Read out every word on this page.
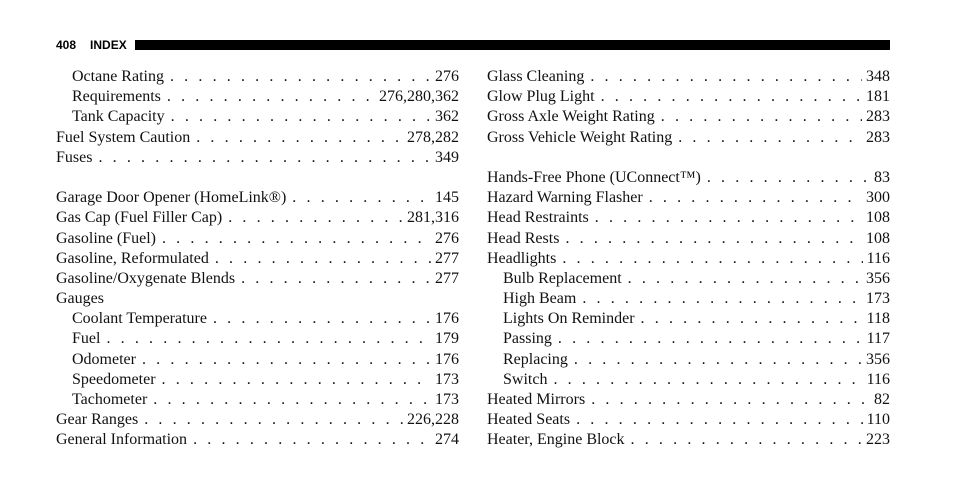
408 INDEX
Octane Rating . . .	276
Requirements . . .	276,280,362
Tank Capacity . . .	362
Fuel System Caution . . .	278,282
Fuses . . .	349
Garage Door Opener (HomeLink®) . . .	145
Gas Cap (Fuel Filler Cap) . . .	281,316
Gasoline (Fuel) . . .	276
Gasoline, Reformulated . . .	277
Gasoline/Oxygenate Blends . . .	277
Gauges
Coolant Temperature . . .	176
Fuel . . .	179
Odometer . . .	176
Speedometer . . .	173
Tachometer . . .	173
Gear Ranges . . .	226,228
General Information . . .	274
Glass Cleaning . . .	348
Glow Plug Light . . .	181
Gross Axle Weight Rating . . .	283
Gross Vehicle Weight Rating . . .	283
Hands-Free Phone (UConnect™) . . .	83
Hazard Warning Flasher . . .	300
Head Restraints . . .	108
Head Rests . . .	108
Headlights . . .	116
Bulb Replacement . . .	356
High Beam . . .	173
Lights On Reminder . . .	118
Passing . . .	117
Replacing . . .	356
Switch . . .	116
Heated Mirrors . . .	82
Heated Seats . . .	110
Heater, Engine Block . . .	223
